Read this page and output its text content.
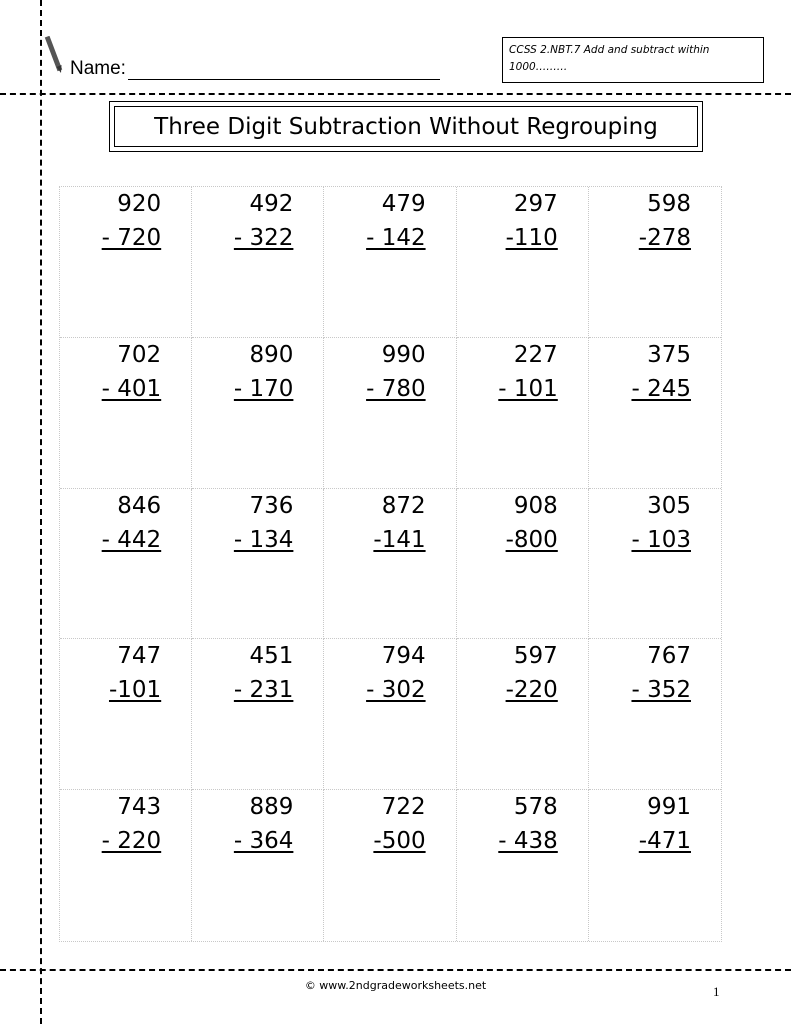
Name:
CCSS 2.NBT.7 Add and subtract within 1000………
Three Digit Subtraction Without Regrouping
920
- 720
492
- 322
479
- 142
297
-110
598
-278
702
- 401
890
- 170
990
- 780
227
- 101
375
- 245
846
- 442
736
- 134
872
-141
908
-800
305
- 103
747
-101
451
- 231
794
- 302
597
-220
767
- 352
743
- 220
889
- 364
722
-500
578
- 438
991
-471
© www.2ndgradeworksheets.net	1
